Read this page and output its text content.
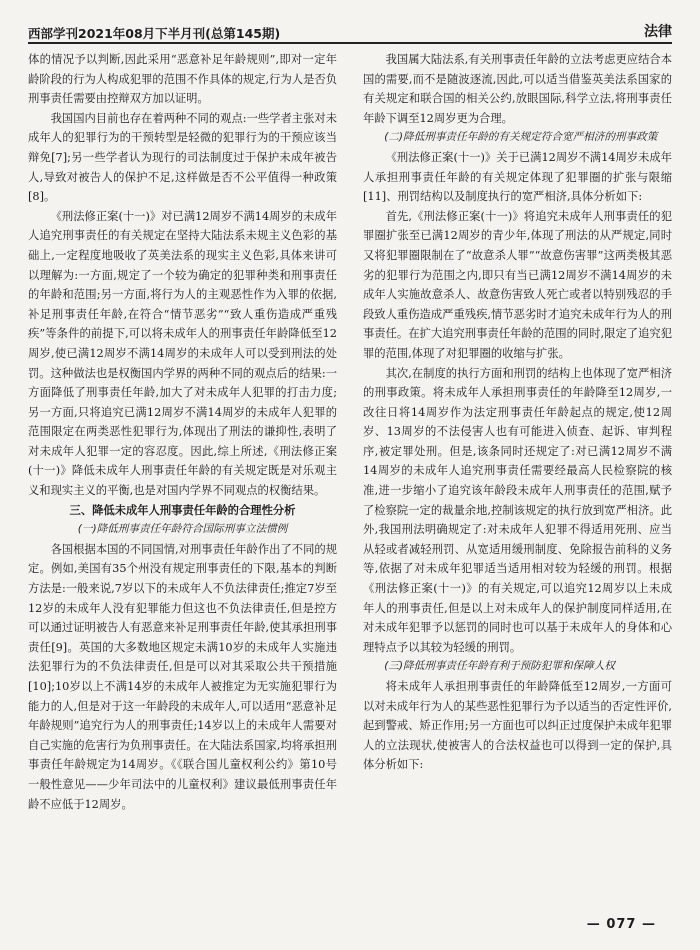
西部学刊2021年08月下半月刊(总第145期)	法律

体的情况予以判断,因此采用“恶意补足年龄规则”,即对一定年龄阶段的行为人构成犯罪的范围不作具体的规定,行为人是否负刑事责任需要由控辩双方加以证明。

我国国内目前也存在着两种不同的观点:一些学者主张对未成年人的犯罪行为的干预转型是轻微的犯罪行为的干预应该当辩免[7];另一些学者认为现行的司法制度过于保护未成年被告人,导致对被告人的保护不足,这样做是否不公平值得一种政策[8]。

《刑法修正案(十一)》对已满12周岁不满14周岁的未成年人追究刑事责任的有关规定在坚持大陆法系未规主义色彩的基础上,一定程度地吸收了英美法系的现实主义色彩,具体来讲可以理解为:一方面,规定了一个较为确定的犯罪种类和刑事责任的年龄和范围;另一方面,将行为人的主观恶性作为入罪的依据,补足刑事责任年龄,在符合“情节恶劣”“致人重伤造成严重残疾”等条件的前提下,可以将未成年人的刑事责任年龄降低至12周岁,使已满12周岁不满14周岁的未成年人可以受到刑法的处罚。这种做法也是权衡国内学界的两种不同的观点后的结果:一方面降低了刑事责任年龄,加大了对未成年人犯罪的打击力度;另一方面,只将追究已满12周岁不满14周岁的未成年人犯罪的范围限定在两类恶性犯罪行为,体现出了刑法的谦抑性,表明了对未成年人犯罪一定的容忍度。因此,综上所述,《刑法修正案(十一)》降低未成年人刑事责任年龄的有关规定既是对乐观主义和现实主义的平衡,也是对国内学界不同观点的权衡结果。

三、降低未成年人刑事责任年龄的合理性分析
(一)降低刑事责任年龄符合国际刑事立法惯例

各国根据本国的不同国情,对刑事责任年龄作出了不同的规定。例如,美国有35个州没有规定刑事责任的下限,基本的判断方法是:一般来说,7岁以下的未成年人不负法律责任;推定7岁至12岁的未成年人没有犯罪能力但这也不负法律责任,但是控方可以通过证明被告人有恶意来补足刑事责任年龄,使其承担刑事责任[9]。英国的大多数地区规定未满10岁的未成年人实施违法犯罪行为的不负法律责任,但是可以对其采取公共干预措施[10];10岁以上不满14岁的未成年人被推定为无实施犯罪行为能力的人,但是对于这一年龄段的未成年人,可以适用“恶意补足年龄规则”追究行为人的刑事责任;14岁以上的未成年人需要对自己实施的危害行为负刑事责任。在大陆法系国家,均将承担刑事责任年龄规定为14周岁。《《联合国儿童权利公约》第10号一般性意见——少年司法中的儿童权利》建议最低刑事责任年龄不应低于12周岁。

我国属大陆法系,有关刑事责任年龄的立法考虑更应结合本国的需要,而不是随波逐流,因此,可以适当借鉴英美法系国家的有关规定和联合国的相关公约,放眼国际,科学立法,将刑事责任年龄下调至12周岁更为合理。

(二)降低刑事责任年龄的有关规定符合宽严相济的刑事政策

《刑法修正案(十一)》关于已满12周岁不满14周岁未成年人承担刑事责任年龄的有关规定体现了犯罪圈的扩张与限缩[11]、刑罚结构以及制度执行的宽严相济,具体分析如下:

首先,《刑法修正案(十一)》将追究未成年人刑事责任的犯罪圈扩张至已满12周岁的青少年,体现了刑法的从严规定,同时又将犯罪圈限制在了“故意杀人罪”“故意伤害罪”这两类极其恶劣的犯罪行为范围之内,即只有当已满12周岁不满14周岁的未成年人实施故意杀人、故意伤害致人死亡或者以特别残忍的手段致人重伤造成严重残疾,情节恶劣时才追究未成年行为人的刑事责任。在扩大追究刑事责任年龄的范围的同时,限定了追究犯罪的范围,体现了对犯罪圈的收缩与扩张。

其次,在制度的执行方面和刑罚的结构上也体现了宽严相济的刑事政策。将未成年人承担刑事责任的年龄降至12周岁,一改往日将14周岁作为法定刑事责任年龄起点的规定,使12周岁、13周岁的不法侵害人也有可能进入侦查、起诉、审判程序,被定罪处刑。但是,该条同时还规定了:对已满12周岁不满14周岁的未成年人追究刑事责任需要经最高人民检察院的核准,进一步缩小了追究该年龄段未成年人刑事责任的范围,赋予了检察院一定的裁量余地,控制该规定的执行放到宽严相济。此外,我国刑法明确规定了:对未成年人犯罪不得适用死刑、应当从轻或者减轻刑罚、从宽适用缓刑制度、免除报告前科的义务等,依据了对未成年犯罪适当适用相对较为轻缓的刑罚。根据《刑法修正案(十一)》的有关规定,可以追究12周岁以上未成年人的刑事责任,但是以上对未成年人的保护制度同样适用,在对未成年犯罪予以惩罚的同时也可以基于未成年人的身体和心理特点予以其较为轻缓的刑罚。

(三)降低刑事责任年龄有利于预防犯罪和保障人权

将未成年人承担刑事责任的年龄降低至12周岁,一方面可以对未成年行为人的某些恶性犯罪行为予以适当的否定性评价,起到警戒、矫正作用;另一方面也可以纠正过度保护未成年犯罪人的立法现状,使被害人的合法权益也可以得到一定的保护,具体分析如下:

— 077 —
